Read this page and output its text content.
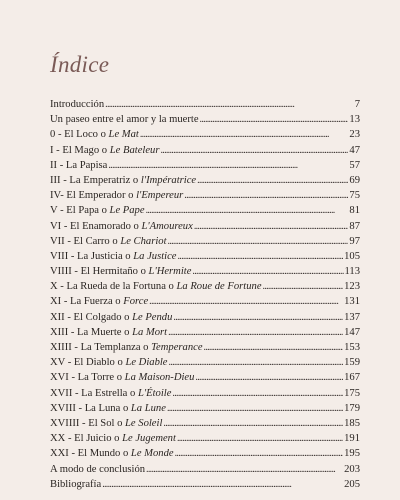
Índice
Introducción . . .	7
Un paseo entre el amor y la muerte . . .	13
0 - El Loco o Le Mat . . .	23
I - El Mago o Le Bateleur . . .	47
II - La Papisa . . .	57
III - La Emperatriz o l'Impératrice . . .	69
IV- El Emperador o l'Empereur . . .	75
V - El Papa o Le Pape . . .	81
VI - El Enamorado o L'Amoureux . . .	87
VII - El Carro o Le Chariot . . .	97
VIII - La Justicia o La Justice . . .	105
VIIII - El Hermitaño o L'Hermite . . .	113
X - La Rueda de la Fortuna o La Roue de Fortune . . .	123
XI - La Fuerza o Force . . .	131
XII - El Colgado o Le Pendu . . .	137
XIII - La Muerte o La Mort . . .	147
XIIII - La Templanza o Temperance . . .	153
XV - El Diablo o Le Diable . . .	159
XVI - La Torre o La Maison-Dieu . . .	167
XVII - La Estrella o L'Étoile . . .	175
XVIII - La Luna o La Lune . . .	179
XVIIII - El Sol o Le Soleil . . .	185
XX - El Juicio o Le Jugement . . .	191
XXI - El Mundo o Le Monde . . .	195
A modo de conclusión . . .	203
Bibliografía . . .	205
